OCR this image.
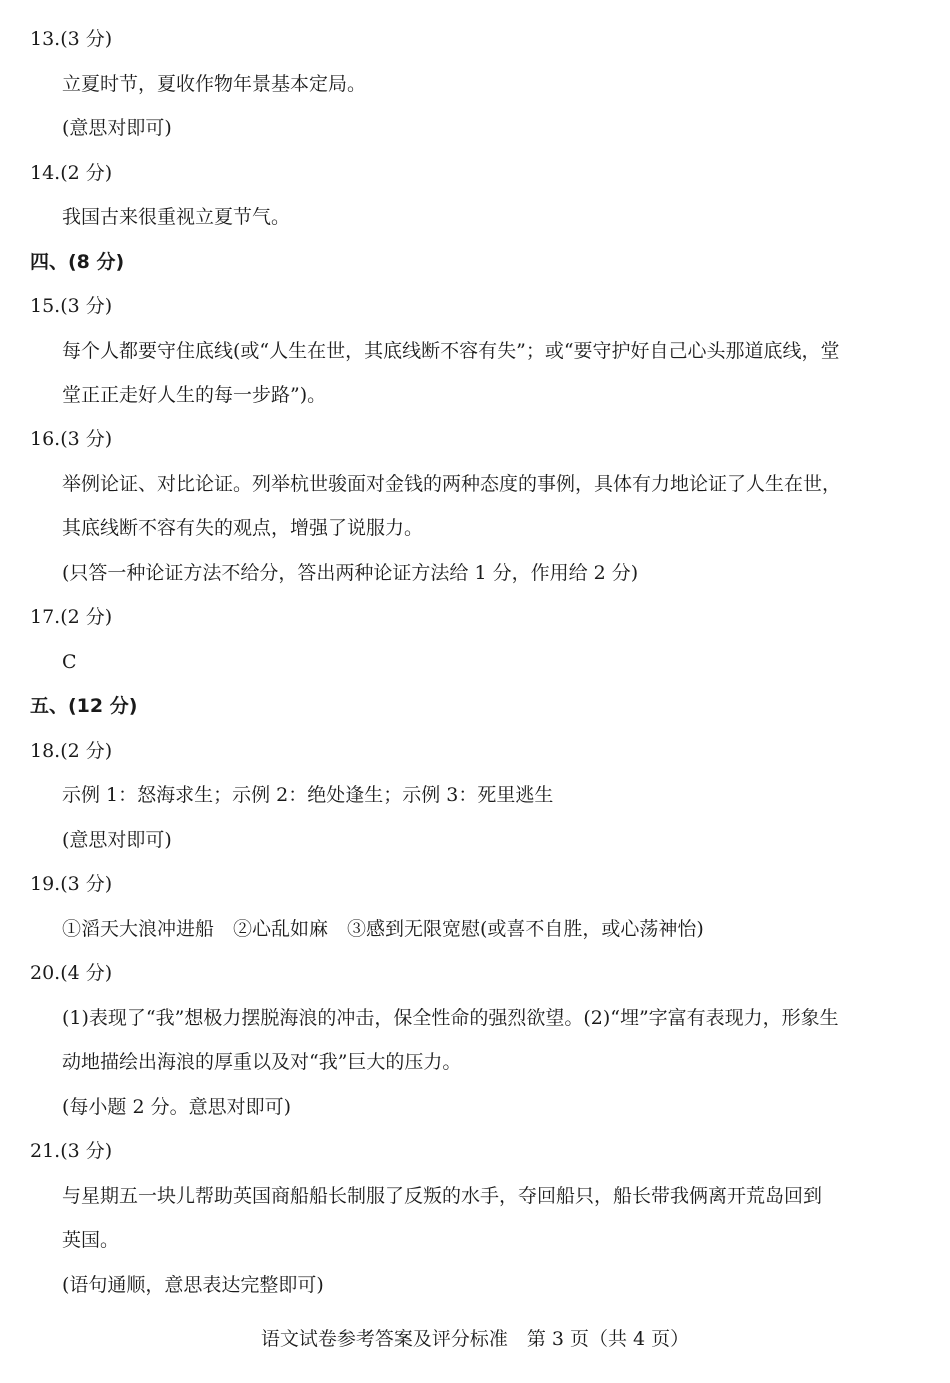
13.(3 分)
立夏时节，夏收作物年景基本定局。
(意思对即可)
14.(2 分)
我国古来很重视立夏节气。
四、(8 分)
15.(3 分)
每个人都要守住底线(或“人生在世，其底线断不容有失”；或“要守护好自己心头那道底线，堂
堂正正走好人生的每一步路”)。
16.(3 分)
举例论证、对比论证。列举杭世骏面对金钱的两种态度的事例，具体有力地论证了人生在世，
其底线断不容有失的观点，增强了说服力。
(只答一种论证方法不给分，答出两种论证方法给 1 分，作用给 2 分)
17.(2 分)
C
五、(12 分)
18.(2 分)
示例 1：怒海求生；示例 2：绝处逢生；示例 3：死里逃生
(意思对即可)
19.(3 分)
①滔天大浪冲进船　②心乱如麻　③感到无限宽慰(或喜不自胜，或心荡神怡)
20.(4 分)
(1)表现了“我”想极力摆脱海浪的冲击，保全性命的强烈欲望。(2)“埋”字富有表现力，形象生
动地描绘出海浪的厚重以及对“我”巨大的压力。
(每小题 2 分。意思对即可)
21.(3 分)
与星期五一块儿帮助英国商船船长制服了反叛的水手，夺回船只，船长带我俩离开荒岛回到
英国。
(语句通顺，意思表达完整即可)
语文试卷参考答案及评分标准　第 3 页（共 4 页）
